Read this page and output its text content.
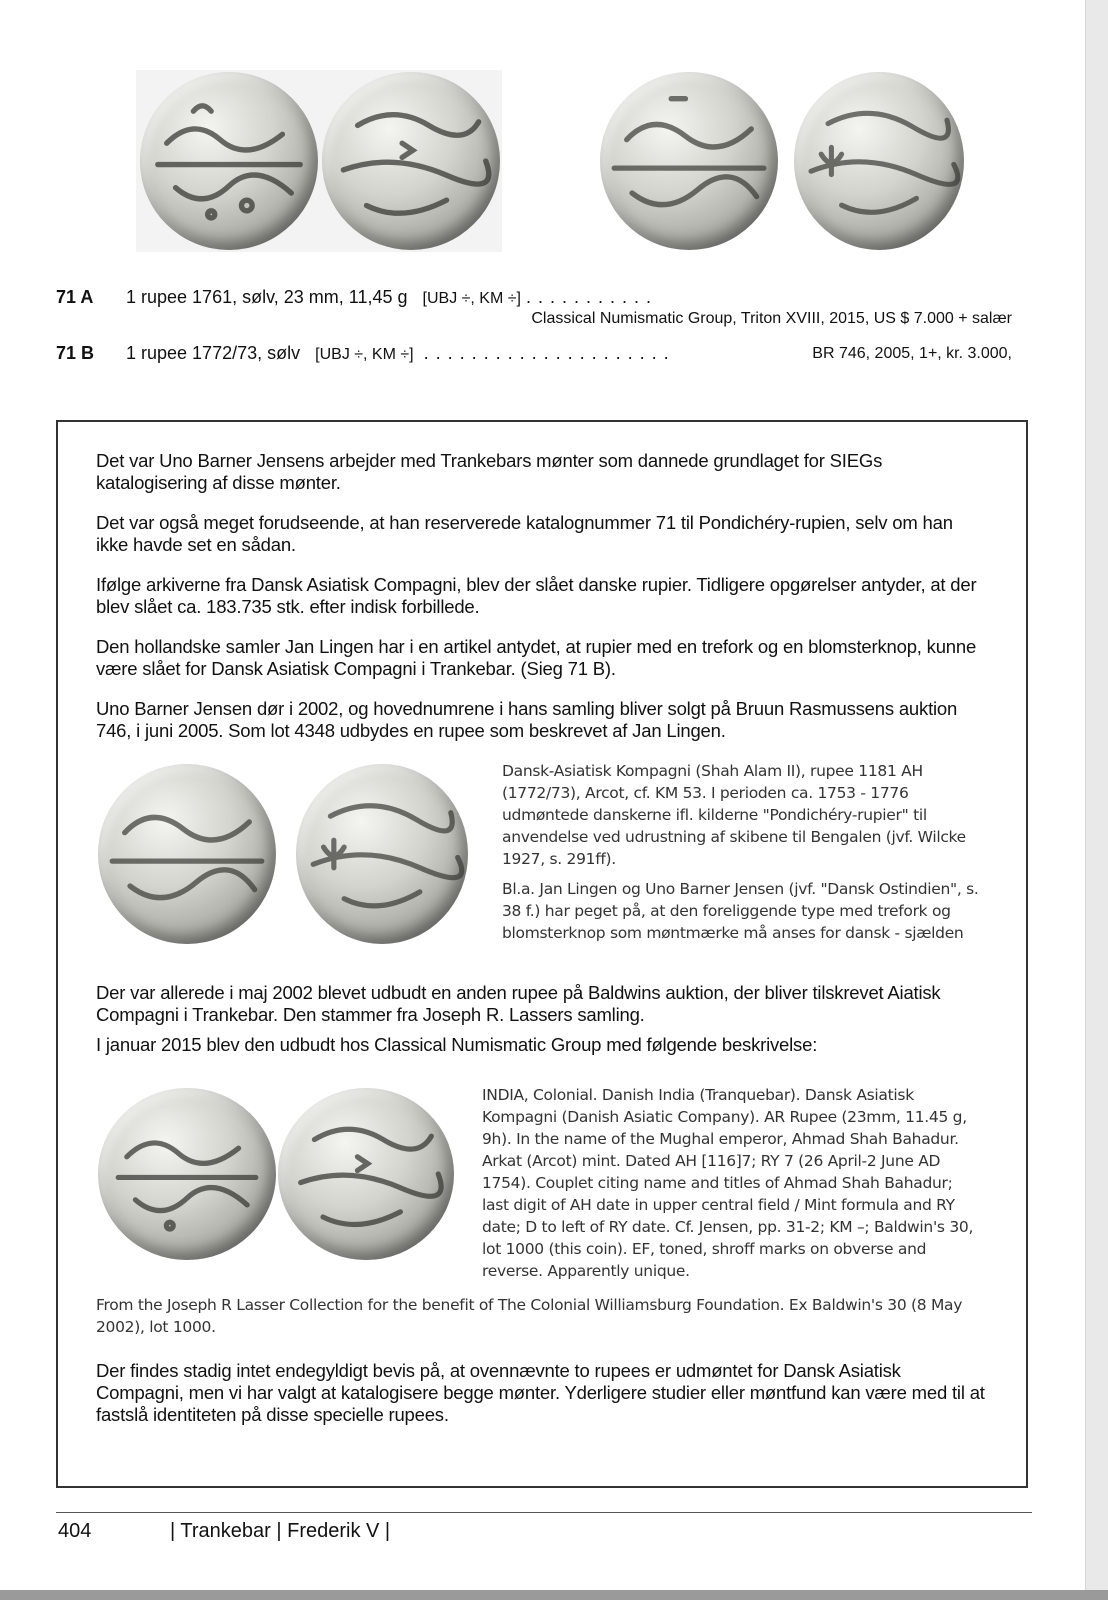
71 A 1 rupee 1761, sølv, 23 mm, 11,45 g [UBJ ÷, KM ÷] . . . . . . . . . . .
Classical Numismatic Group, Triton XVIII, 2015, US $ 7.000 + salær
71 B 1 rupee 1772/73, sølv [UBJ ÷, KM ÷] . . . . . . . . . . . . . . . . . . . . .	BR 746, 2005, 1+, kr. 3.000,
Det var Uno Barner Jensens arbejder med Trankebars mønter som dannede grundlaget for SIEGs katalogisering af disse mønter.
Det var også meget forudseende, at han reserverede katalognummer 71 til Pondichéry-rupien, selv om han ikke havde set en sådan.
Ifølge arkiverne fra Dansk Asiatisk Compagni, blev der slået danske rupier. Tidligere opgørelser antyder, at der blev slået ca. 183.735 stk. efter indisk forbillede.
Den hollandske samler Jan Lingen har i en artikel antydet, at rupier med en trefork og en blomsterknop, kunne være slået for Dansk Asiatisk Compagni i Trankebar. (Sieg 71 B).
Uno Barner Jensen dør i 2002, og hovednumrene i hans samling bliver solgt på Bruun Rasmussens auktion 746, i juni 2005. Som lot 4348 udbydes en rupee som beskrevet af Jan Lingen.
Dansk-Asiatisk Kompagni (Shah Alam II), rupee 1181 AH (1772/73), Arcot, cf. KM 53. I perioden ca. 1753 - 1776 udmøntede danskerne ifl. kilderne "Pondichéry-rupier" til anvendelse ved udrustning af skibene til Bengalen (jvf. Wilcke 1927, s. 291ff).
Bl.a. Jan Lingen og Uno Barner Jensen (jvf. "Dansk Ostindien", s. 38 f.) har peget på, at den foreliggende type med trefork og blomsterknop som møntmærke må anses for dansk - sjælden
Der var allerede i maj 2002 blevet udbudt en anden rupee på Baldwins auktion, der bliver tilskrevet Aiatisk Compagni i Trankebar. Den stammer fra Joseph R. Lassers samling.
I januar 2015 blev den udbudt hos Classical Numismatic Group med følgende beskrivelse:
INDIA, Colonial. Danish India (Tranquebar). Dansk Asiatisk Kompagni (Danish Asiatic Company). AR Rupee (23mm, 11.45 g, 9h). In the name of the Mughal emperor, Ahmad Shah Bahadur. Arkat (Arcot) mint. Dated AH [116]7; RY 7 (26 April-2 June AD 1754). Couplet citing name and titles of Ahmad Shah Bahadur; last digit of AH date in upper central field / Mint formula and RY date; D to left of RY date. Cf. Jensen, pp. 31-2; KM –; Baldwin's 30, lot 1000 (this coin). EF, toned, shroff marks on obverse and reverse. Apparently unique.
From the Joseph R Lasser Collection for the benefit of The Colonial Williamsburg Foundation. Ex Baldwin's 30 (8 May 2002), lot 1000.
Der findes stadig intet endegyldigt bevis på, at ovennævnte to rupees er udmøntet for Dansk Asiatisk Compagni, men vi har valgt at katalogisere begge mønter. Yderligere studier eller møntfund kan være med til at fastslå identiteten på disse specielle rupees.
404	| Trankebar | Frederik V |
